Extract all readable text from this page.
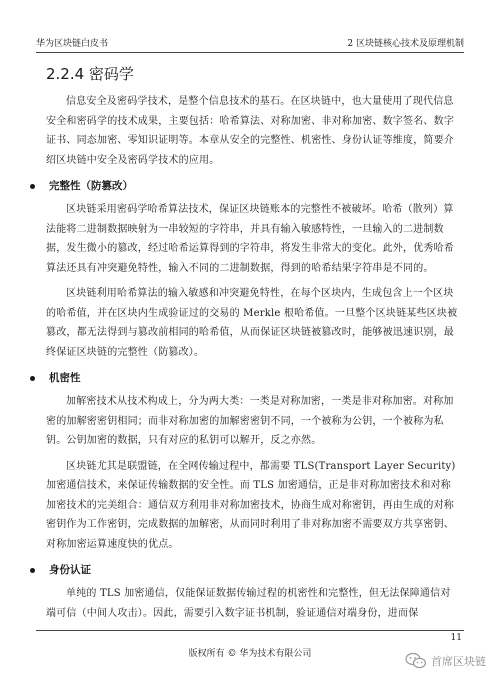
华为区块链白皮书	2 区块链核心技术及原理机制
2.2.4 密码学

信息安全及密码学技术，是整个信息技术的基石。在区块链中，也大量使用了现代信息安全和密码学的技术成果，主要包括：哈希算法、对称加密、非对称加密、数字签名、数字证书、同态加密、零知识证明等。本章从安全的完整性、机密性、身份认证等维度，简要介绍区块链中安全及密码学技术的应用。

完整性（防篡改）

区块链采用密码学哈希算法技术，保证区块链账本的完整性不被破坏。哈希（散列）算法能将二进制数据映射为一串较短的字符串，并具有输入敏感特性，一旦输入的二进制数据，发生微小的篡改，经过哈希运算得到的字符串，将发生非常大的变化。此外，优秀哈希算法还具有冲突避免特性，输入不同的二进制数据，得到的哈希结果字符串是不同的。

区块链利用哈希算法的输入敏感和冲突避免特性，在每个区块内，生成包含上一个区块的哈希值，并在区块内生成验证过的交易的 Merkle 根哈希值。一旦整个区块链某些区块被篡改，都无法得到与篡改前相同的哈希值，从而保证区块链被篡改时，能够被迅速识别，最终保证区块链的完整性（防篡改）。

机密性

加解密技术从技术构成上，分为两大类：一类是对称加密，一类是非对称加密。对称加密的加解密密钥相同；而非对称加密的加解密密钥不同，一个被称为公钥，一个被称为私钥。公钥加密的数据，只有对应的私钥可以解开，反之亦然。

区块链尤其是联盟链，在全网传输过程中，都需要 TLS(Transport Layer Security)加密通信技术，来保证传输数据的安全性。而 TLS 加密通信，正是非对称加密技术和对称加密技术的完美组合：通信双方利用非对称加密技术，协商生成对称密钥，再由生成的对称密钥作为工作密钥，完成数据的加解密，从而同时利用了非对称加密不需要双方共享密钥、对称加密运算速度快的优点。

身份认证

单纯的 TLS 加密通信，仅能保证数据传输过程的机密性和完整性，但无法保障通信对端可信（中间人攻击）。因此，需要引入数字证书机制，验证通信对端身份，进而保

11
版权所有 © 华为技术有限公司
首席区块链
